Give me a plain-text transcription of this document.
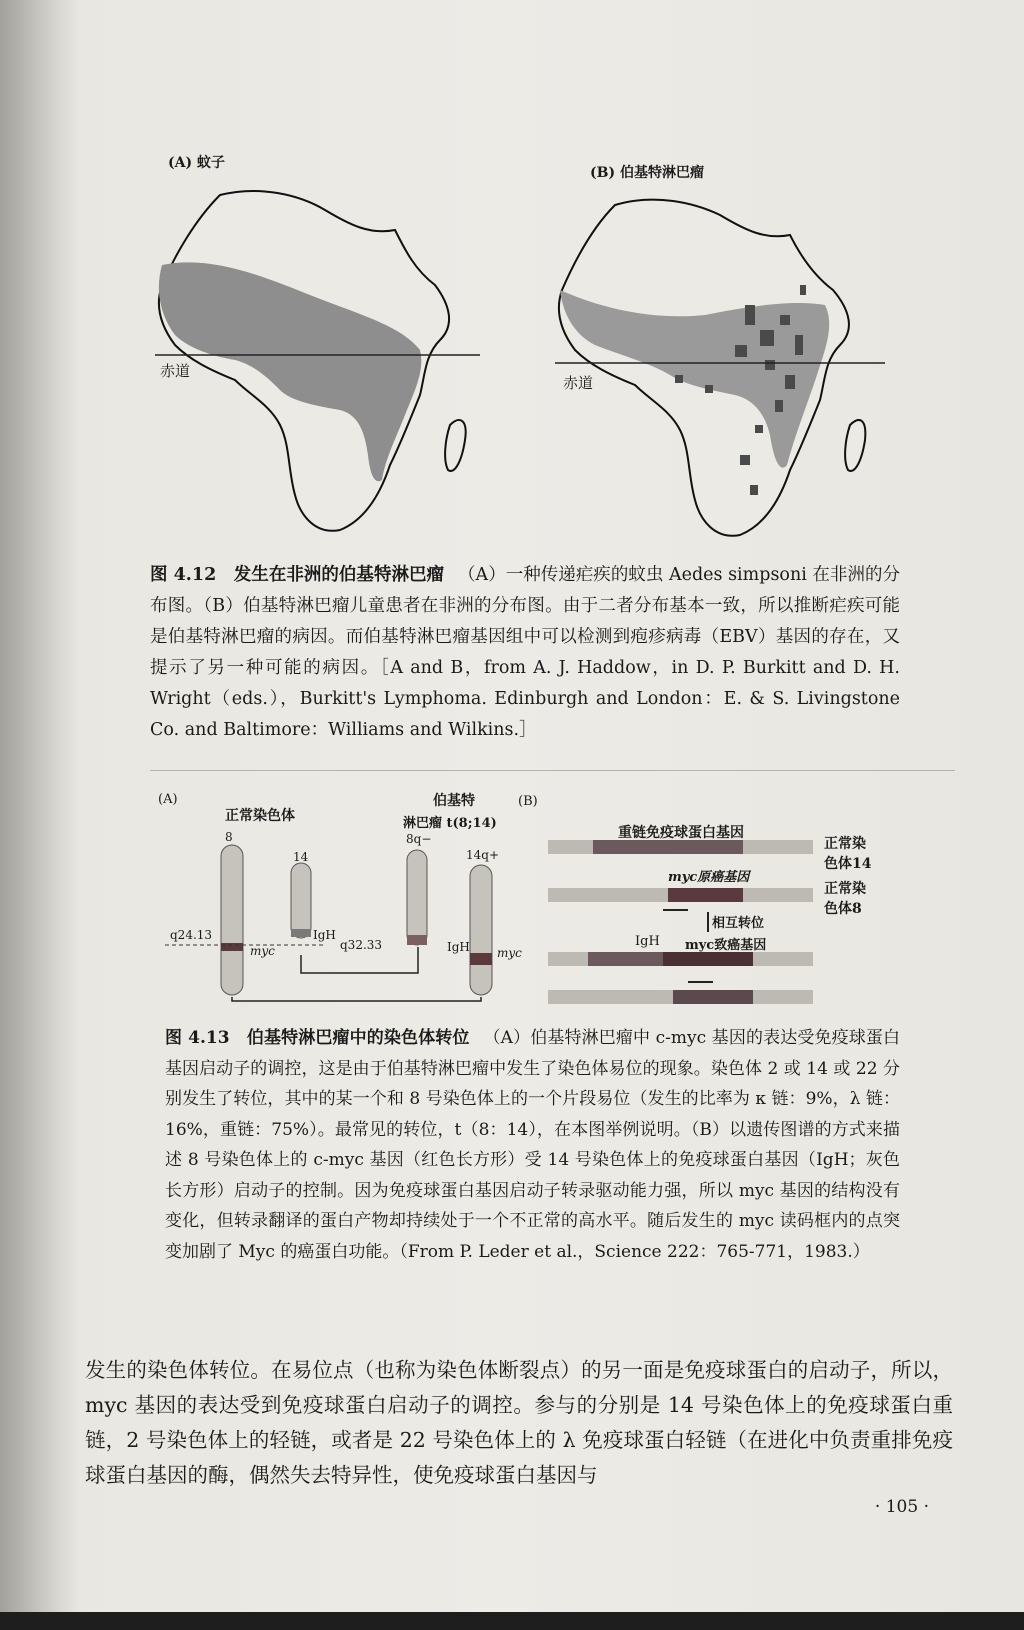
(A) 蚊子
(B) 伯基特淋巴瘤
赤道
赤道
图 4.12　发生在非洲的伯基特淋巴瘤 （A）一种传递疟疾的蚊虫 Aedes simpsoni 在非洲的分布图。（B）伯基特淋巴瘤儿童患者在非洲的分布图。由于二者分布基本一致，所以推断疟疾可能是伯基特淋巴瘤的病因。而伯基特淋巴瘤基因组中可以检测到疱疹病毒（EBV）基因的存在，又提示了另一种可能的病因。［A and B，from A. J. Haddow，in D. P. Burkitt and D. H. Wright（eds.），Burkitt's Lymphoma. Edinburgh and London：E. & S. Livingstone Co. and Baltimore：Williams and Wilkins.］
(A)	(B)
正常染色体
伯基特
淋巴瘤 t(8;14)
8
14
8q−
14q+
q24.13
myc
IgH
q32.33	IgH myc
重链免疫球蛋白基因
正常染
色体14
myc原癌基因
正常染
色体8
相互转位
IgH myc致癌基因
图 4.13　伯基特淋巴瘤中的染色体转位 （A）伯基特淋巴瘤中 c-myc 基因的表达受免疫球蛋白基因启动子的调控，这是由于伯基特淋巴瘤中发生了染色体易位的现象。染色体 2 或 14 或 22 分别发生了转位，其中的某一个和 8 号染色体上的一个片段易位（发生的比率为 κ 链：9%，λ 链：16%，重链：75%）。最常见的转位，t（8：14），在本图举例说明。（B）以遗传图谱的方式来描述 8 号染色体上的 c-myc 基因（红色长方形）受 14 号染色体上的免疫球蛋白基因（IgH；灰色长方形）启动子的控制。因为免疫球蛋白基因启动子转录驱动能力强，所以 myc 基因的结构没有变化，但转录翻译的蛋白产物却持续处于一个不正常的高水平。随后发生的 myc 读码框内的点突变加剧了 Myc 的癌蛋白功能。（From P. Leder et al.，Science 222：765-771，1983.）
发生的染色体转位。在易位点（也称为染色体断裂点）的另一面是免疫球蛋白的启动子，所以，myc 基因的表达受到免疫球蛋白启动子的调控。参与的分别是 14 号染色体上的免疫球蛋白重链，2 号染色体上的轻链，或者是 22 号染色体上的 λ 免疫球蛋白轻链（在进化中负责重排免疫球蛋白基因的酶，偶然失去特异性，使免疫球蛋白基因与
· 105 ·
